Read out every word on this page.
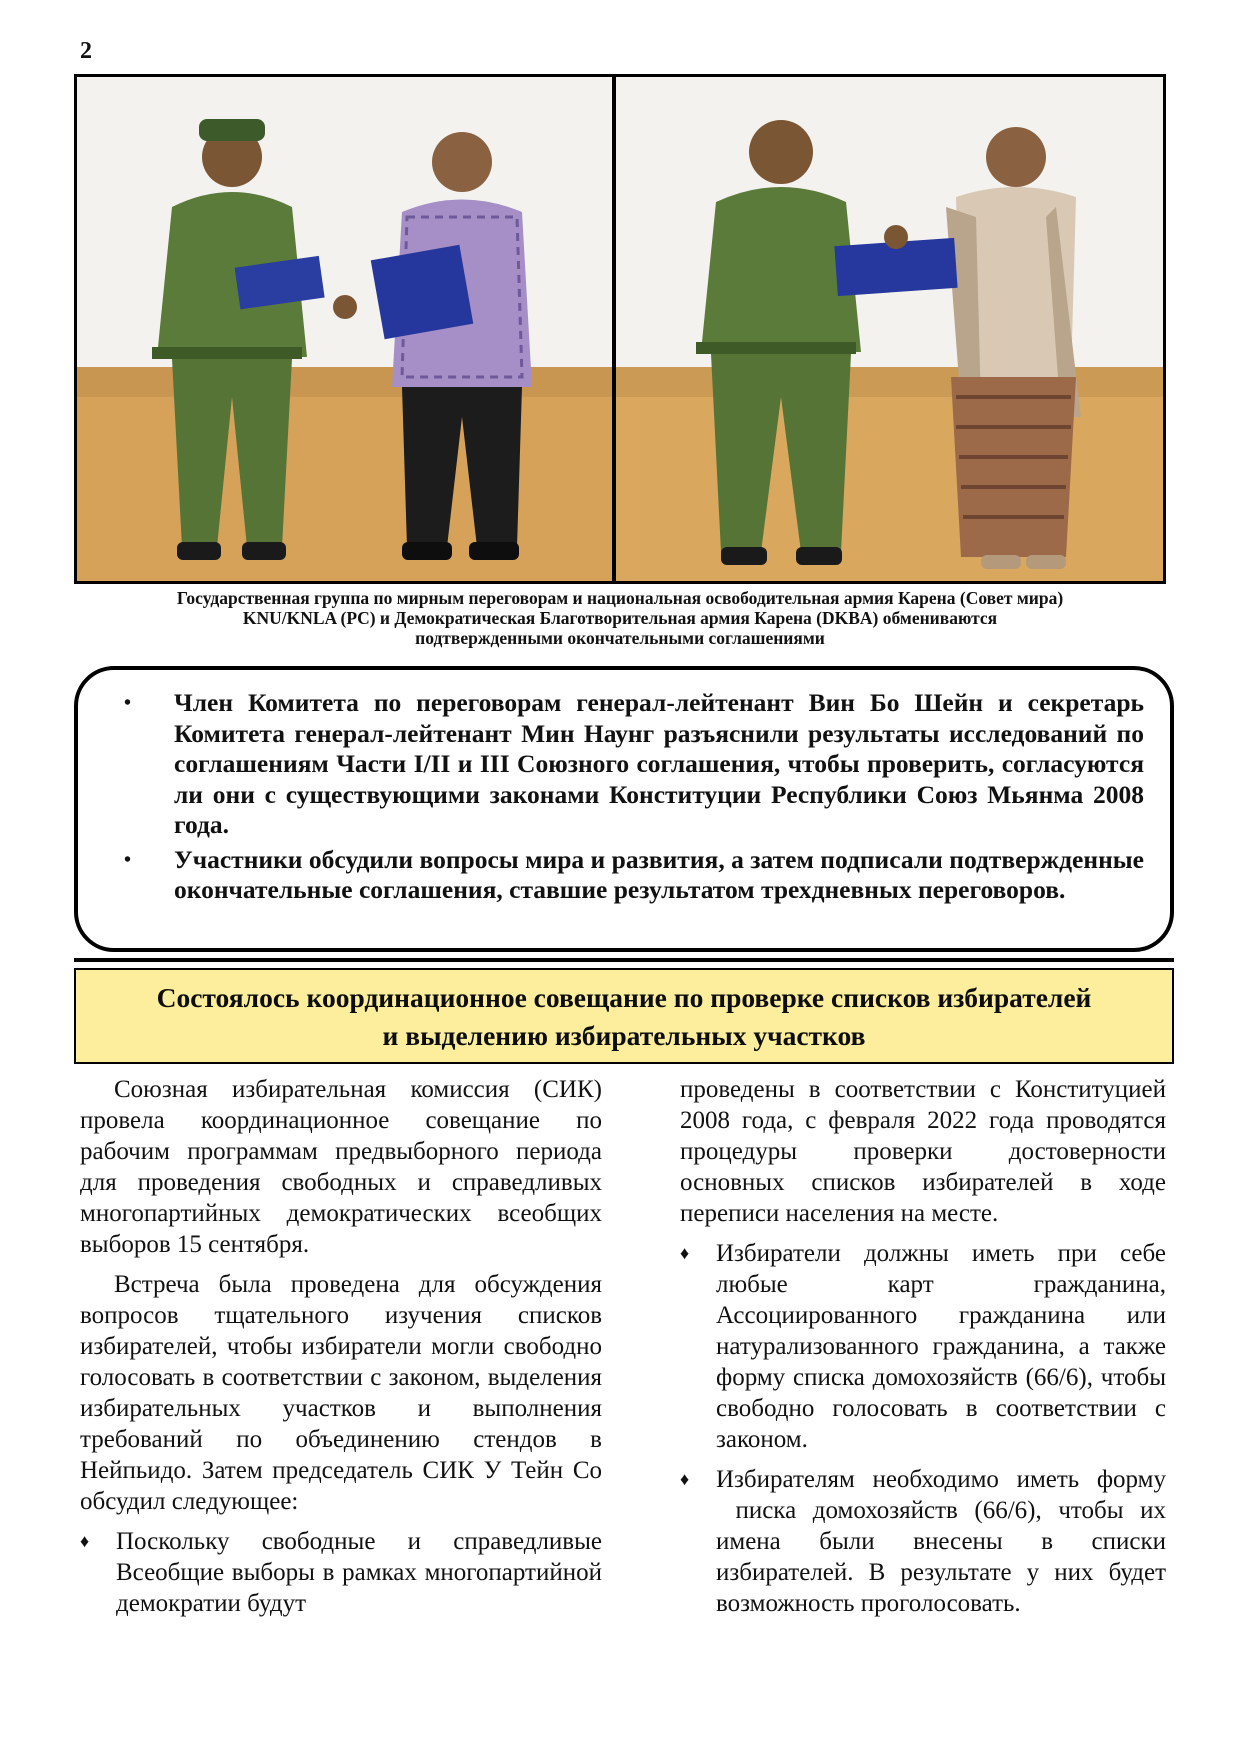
2
Государственная группа по мирным переговорам и национальная освободительная армия Карена (Совет мира)
KNU/KNLA (PC) и Демократическая Благотворительная армия Карена (DKBA) обмениваются
подтвержденными окончательными соглашениями
• Член Комитета по переговорам генерал-лейтенант Вин Бо Шейн и секретарь Комитета генерал-лейтенант Мин Наунг разъяснили результаты исследований по соглашениям Части I/II и III Союзного соглашения, чтобы проверить, согласуются ли они с существующими законами Конституции Республики Союз Мьянма 2008 года.
• Участники обсудили вопросы мира и развития, а затем подписали подтвержденные окончательные соглашения, ставшие результатом трехдневных переговоров.
Состоялось координационное совещание по проверке списков избирателей
и выделению избирательных участков

Союзная избирательная комиссия (СИК) провела координационное совещание по рабочим программам предвыборного периода для проведения свободных и справедливых многопартийных демократических всеобщих выборов 15 сентября.

Встреча была проведена для обсуждения вопросов тщательного изучения списков избирателей, чтобы избиратели могли свободно голосовать в соответствии с законом, выделения избирательных участков и выполнения требований по объединению стендов в Нейпьидо. Затем председатель СИК У Тейн Со обсудил следующее:

♦ Поскольку свободные и справедливые Всеобщие выборы в рамках многопартийной демократии будут

проведены в соответствии с Конституцией 2008 года, с февраля 2022 года проводятся процедуры проверки достоверности основных списков избирателей в ходе переписи населения на месте.

♦ Избиратели должны иметь при себе любые карт гражданина, Ассоциированного гражданина или натурализованного гражданина, а также форму списка домохозяйств (66/6), чтобы свободно голосовать в соответствии с законом.
♦ Избирателям необходимо иметь форму писка домохозяйств (66/6), чтобы их имена были внесены в списки избирателей. В результате у них будет возможность проголосовать.
